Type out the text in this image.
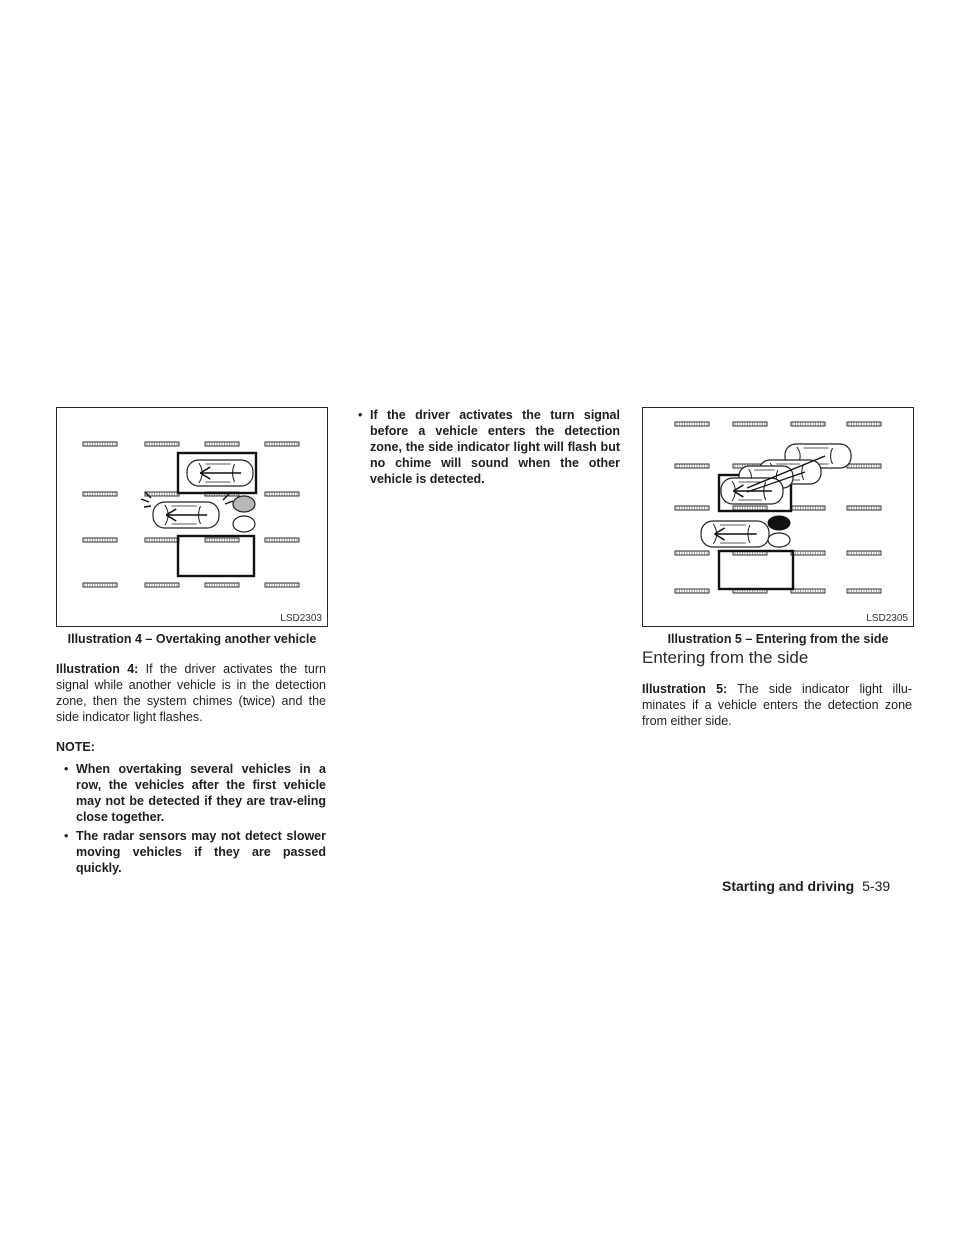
LSD2303
Illustration 4 – Overtaking another vehicle
Illustration 4: If the driver activates the turn signal while another vehicle is in the detection zone, then the system chimes (twice) and the side indicator light flashes.
NOTE:
• When overtaking several vehicles in a row, the vehicles after the first vehicle may not be detected if they are trav-eling close together.
• The radar sensors may not detect slower moving vehicles if they are passed quickly.
• If the driver activates the turn signal before a vehicle enters the detection zone, the side indicator light will flash but no chime will sound when the other vehicle is detected.
LSD2305
Illustration 5 – Entering from the side
Entering from the side
Illustration 5: The side indicator light illu-minates if a vehicle enters the detection zone from either side.
Starting and driving 5-39
